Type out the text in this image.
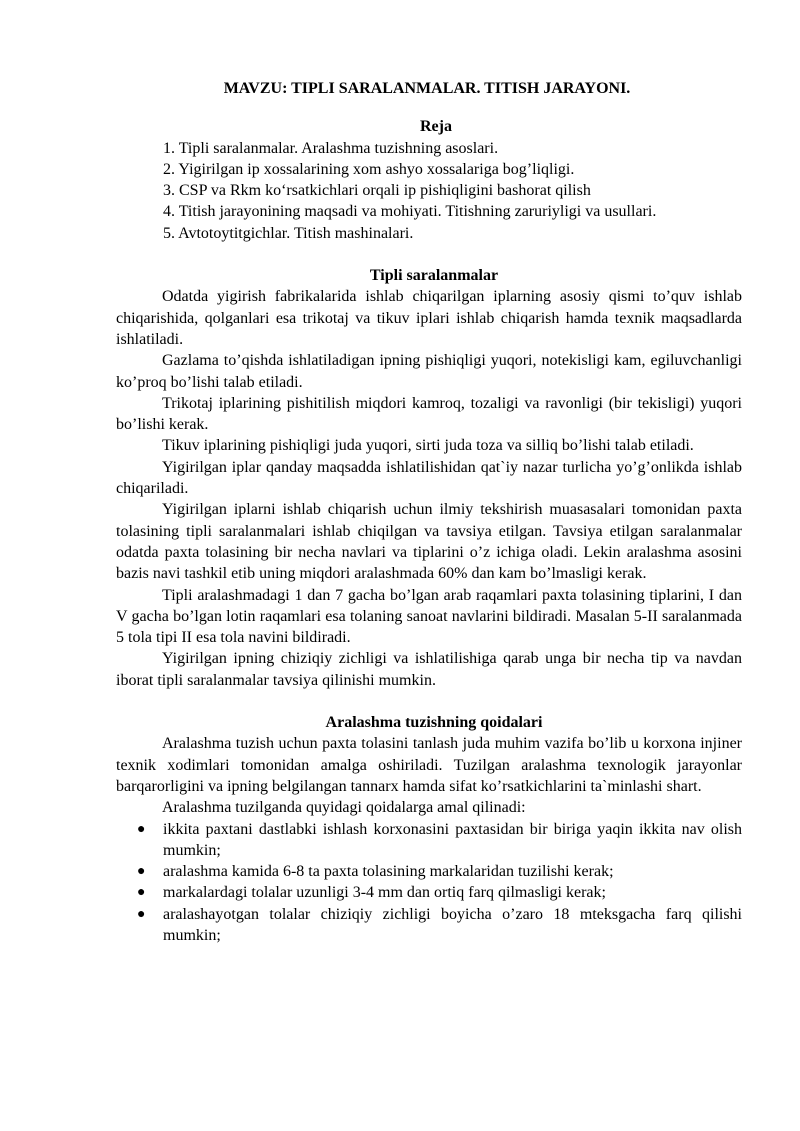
MAVZU: TIPLI SARALANMALAR. TITISH JARAYONI.

Reja

1. Tipli saralanmalar. Aralashma tuzishning asoslari.
2. Yigirilgan ip xossalarining xom ashyo xossalariga bog’liqligi.
3. CSP va Rkm koʻrsatkichlari orqali ip pishiqligini bashorat qilish
4. Titish jarayonining maqsadi va mohiyati. Titishning zaruriyligi va usullari.
5. Avtotoytitgichlar. Titish mashinalari.

Tipli saralanmalar

Odatda yigirish fabrikalarida ishlab chiqarilgan iplarning asosiy qismi to’quv ishlab chiqarishida, qolganlari esa trikotaj va tikuv iplari ishlab chiqarish hamda texnik maqsadlarda ishlatiladi.

Gazlama to’qishda ishlatiladigan ipning pishiqligi yuqori, notekisligi kam, egiluvchanligi ko’proq bo’lishi talab etiladi.

Trikotaj iplarining pishitilish miqdori kamroq, tozaligi va ravonligi (bir tekisligi) yuqori bo’lishi kerak.

Tikuv iplarining pishiqligi juda yuqori, sirti juda toza va silliq bo’lishi talab etiladi.

Yigirilgan iplar qanday maqsadda ishlatilishidan qat`iy nazar turlicha yo’g’onlikda ishlab chiqariladi.

Yigirilgan iplarni ishlab chiqarish uchun ilmiy tekshirish muasasalari tomonidan paxta tolasining tipli saralanmalari ishlab chiqilgan va tavsiya etilgan. Tavsiya etilgan saralanmalar odatda paxta tolasining bir necha navlari va tiplarini o’z ichiga oladi. Lekin aralashma asosini bazis navi tashkil etib uning miqdori aralashmada 60% dan kam bo’lmasligi kerak.

Tipli aralashmadagi 1 dan 7 gacha bo’lgan arab raqamlari paxta tolasining tiplarini, I dan V gacha bo’lgan lotin raqamlari esa tolaning sanoat navlarini bildiradi. Masalan 5-II saralanmada 5 tola tipi II esa tola navini bildiradi.

Yigirilgan ipning chiziqiy zichligi va ishlatilishiga qarab unga bir necha tip va navdan iborat tipli saralanmalar tavsiya qilinishi mumkin.

Aralashma tuzishning qoidalari

Aralashma tuzish uchun paxta tolasini tanlash juda muhim vazifa bo’lib u korxona injiner texnik xodimlari tomonidan amalga oshiriladi. Tuzilgan aralashma texnologik jarayonlar barqarorligini va ipning belgilangan tannarx hamda sifat ko’rsatkichlarini ta`minlashi shart.

Aralashma tuzilganda quyidagi qoidalarga amal qilinadi:

● ikkita paxtani dastlabki ishlash korxonasini paxtasidan bir biriga yaqin ikkita nav olish mumkin;
● aralashma kamida 6-8 ta paxta tolasining markalaridan tuzilishi kerak;
● markalardagi tolalar uzunligi 3-4 mm dan ortiq farq qilmasligi kerak;
● aralashayotgan tolalar chiziqiy zichligi boyicha o’zaro 18 mteksgacha farq qilishi mumkin;
